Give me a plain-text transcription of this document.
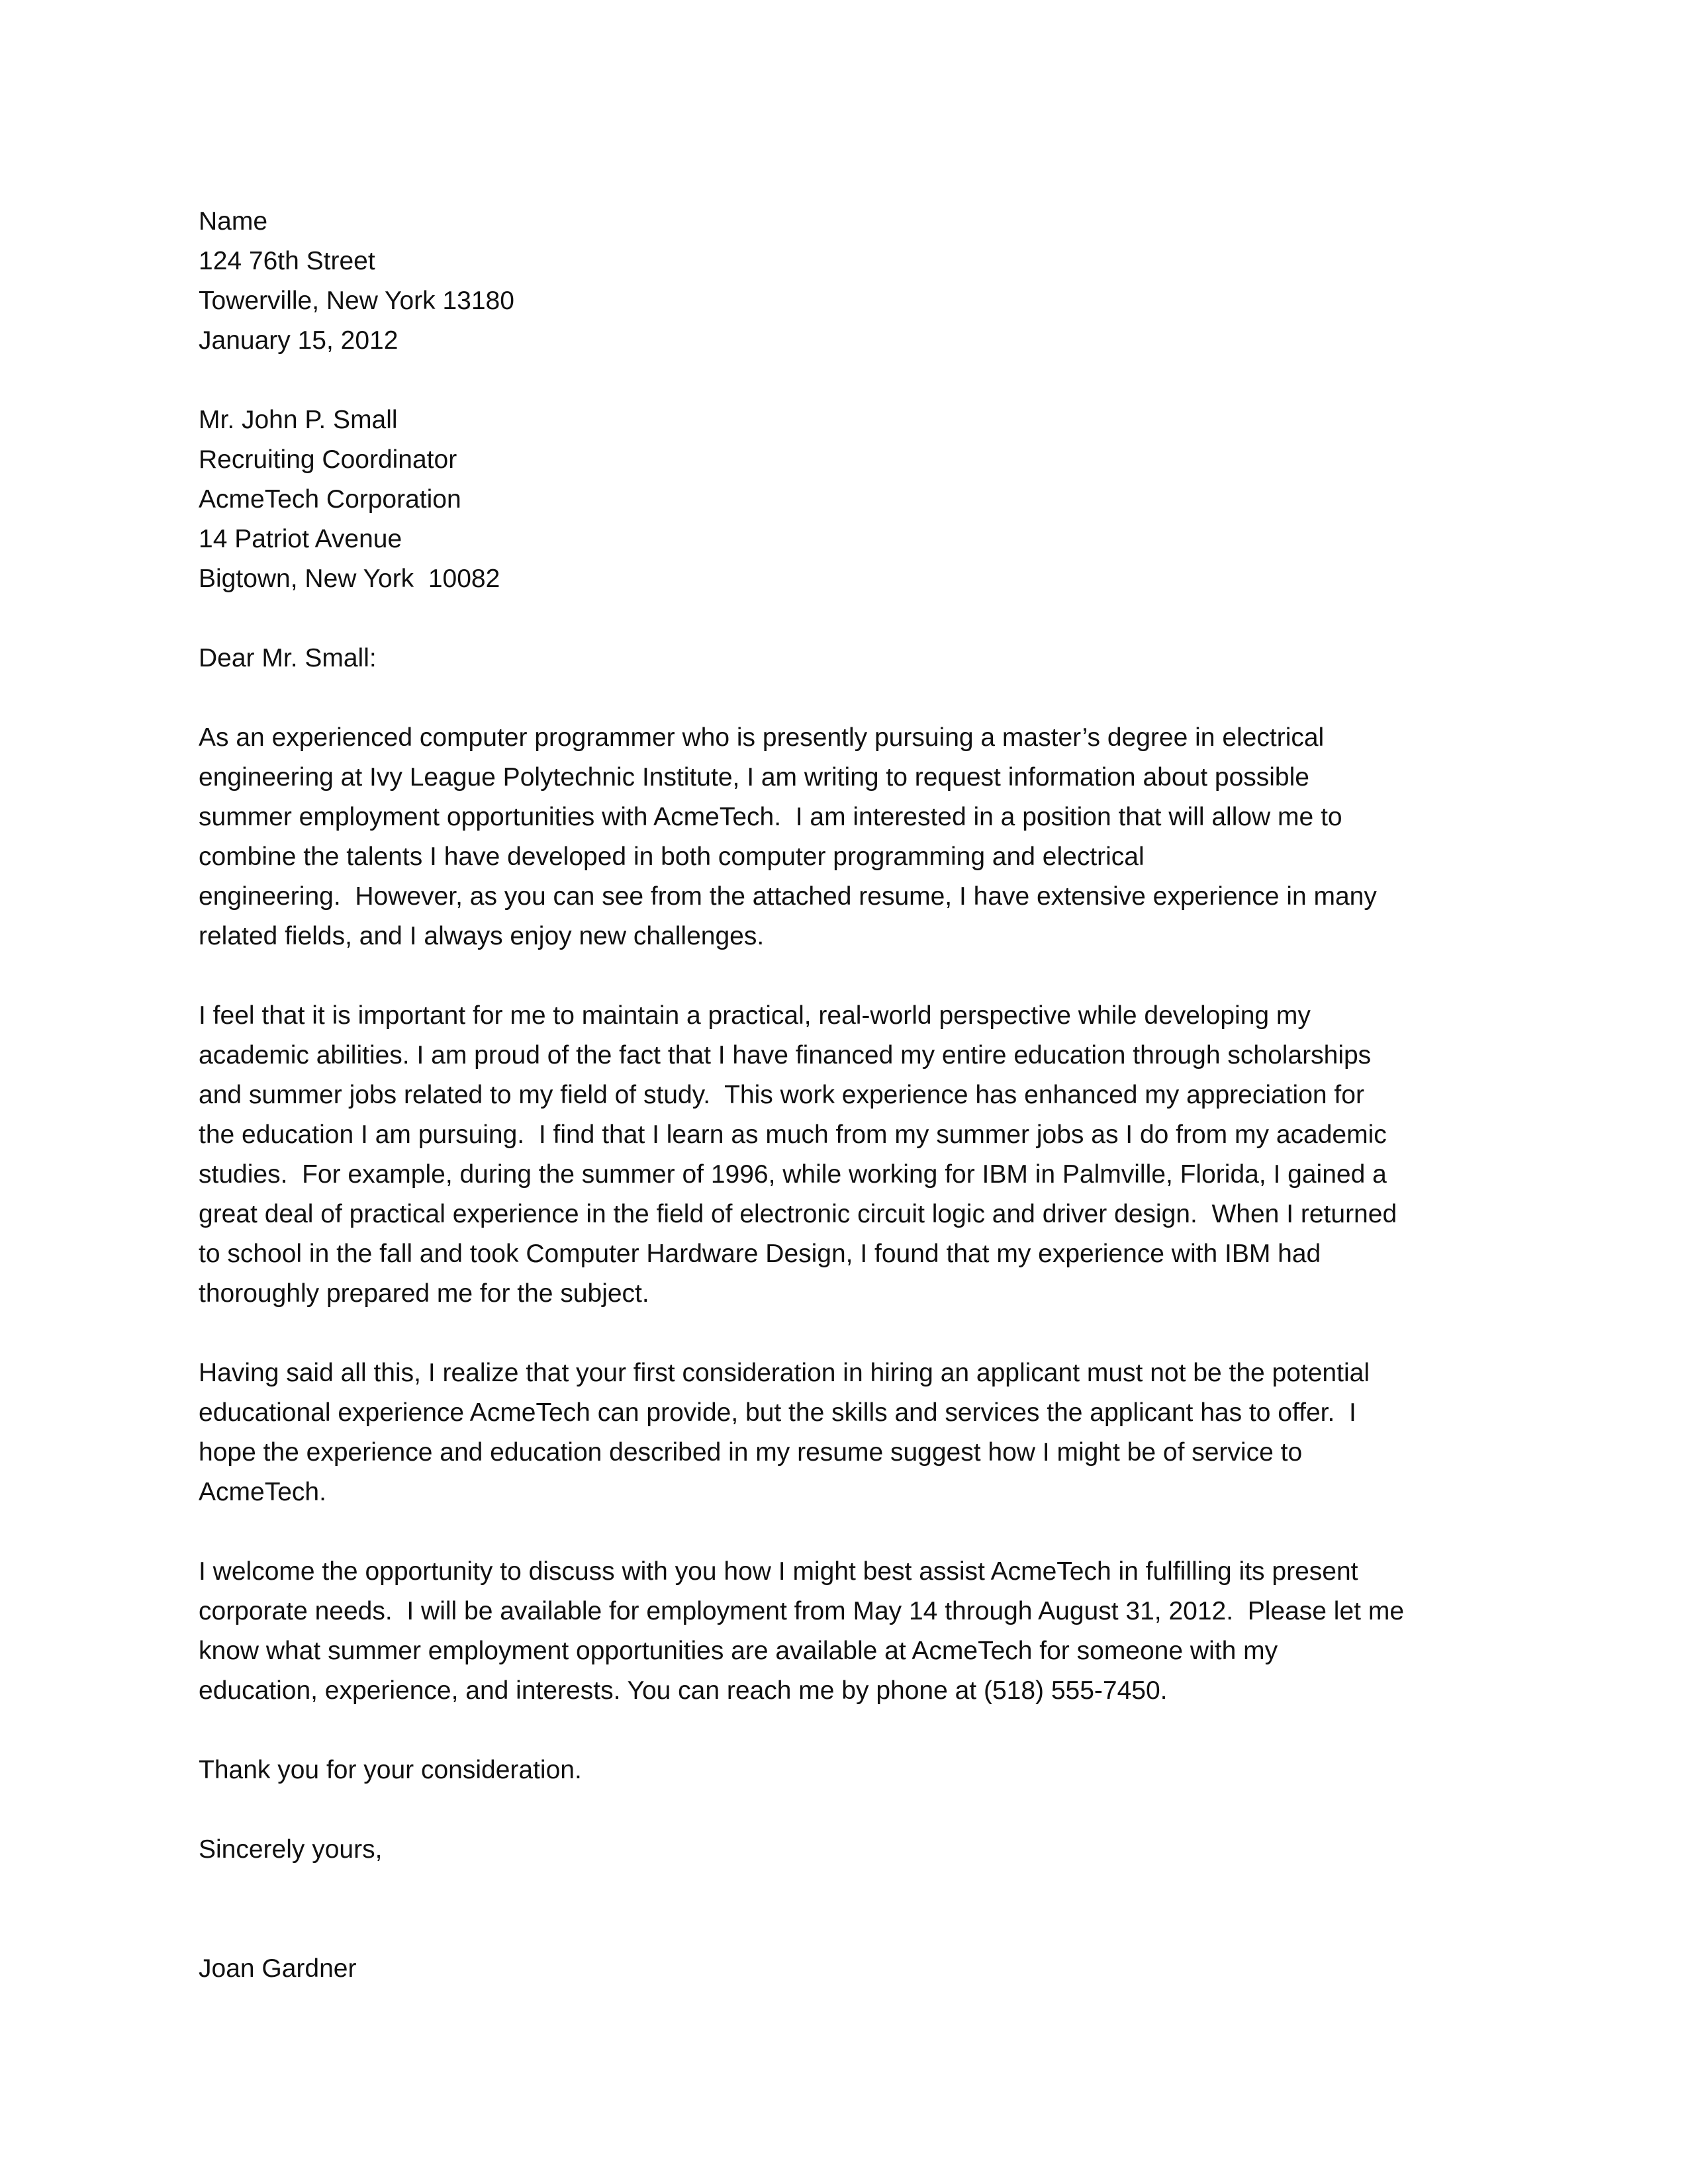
Name
124 76th Street
Towerville, New York 13180
January 15, 2012
Mr. John P. Small
Recruiting Coordinator
AcmeTech Corporation
14 Patriot Avenue
Bigtown, New York  10082
Dear Mr. Small:
As an experienced computer programmer who is presently pursuing a master’s degree in electrical
engineering at Ivy League Polytechnic Institute, I am writing to request information about possible
summer employment opportunities with AcmeTech.  I am interested in a position that will allow me to
combine the talents I have developed in both computer programming and electrical
engineering.  However, as you can see from the attached resume, I have extensive experience in many
related fields, and I always enjoy new challenges.
I feel that it is important for me to maintain a practical, real-world perspective while developing my
academic abilities. I am proud of the fact that I have financed my entire education through scholarships
and summer jobs related to my field of study.  This work experience has enhanced my appreciation for
the education I am pursuing.  I find that I learn as much from my summer jobs as I do from my academic
studies.  For example, during the summer of 1996, while working for IBM in Palmville, Florida, I gained a
great deal of practical experience in the field of electronic circuit logic and driver design.  When I returned
to school in the fall and took Computer Hardware Design, I found that my experience with IBM had
thoroughly prepared me for the subject.
Having said all this, I realize that your first consideration in hiring an applicant must not be the potential
educational experience AcmeTech can provide, but the skills and services the applicant has to offer.  I
hope the experience and education described in my resume suggest how I might be of service to
AcmeTech.
I welcome the opportunity to discuss with you how I might best assist AcmeTech in fulfilling its present
corporate needs.  I will be available for employment from May 14 through August 31, 2012.  Please let me
know what summer employment opportunities are available at AcmeTech for someone with my
education, experience, and interests. You can reach me by phone at (518) 555-7450.
Thank you for your consideration.
Sincerely yours,
Joan Gardner
